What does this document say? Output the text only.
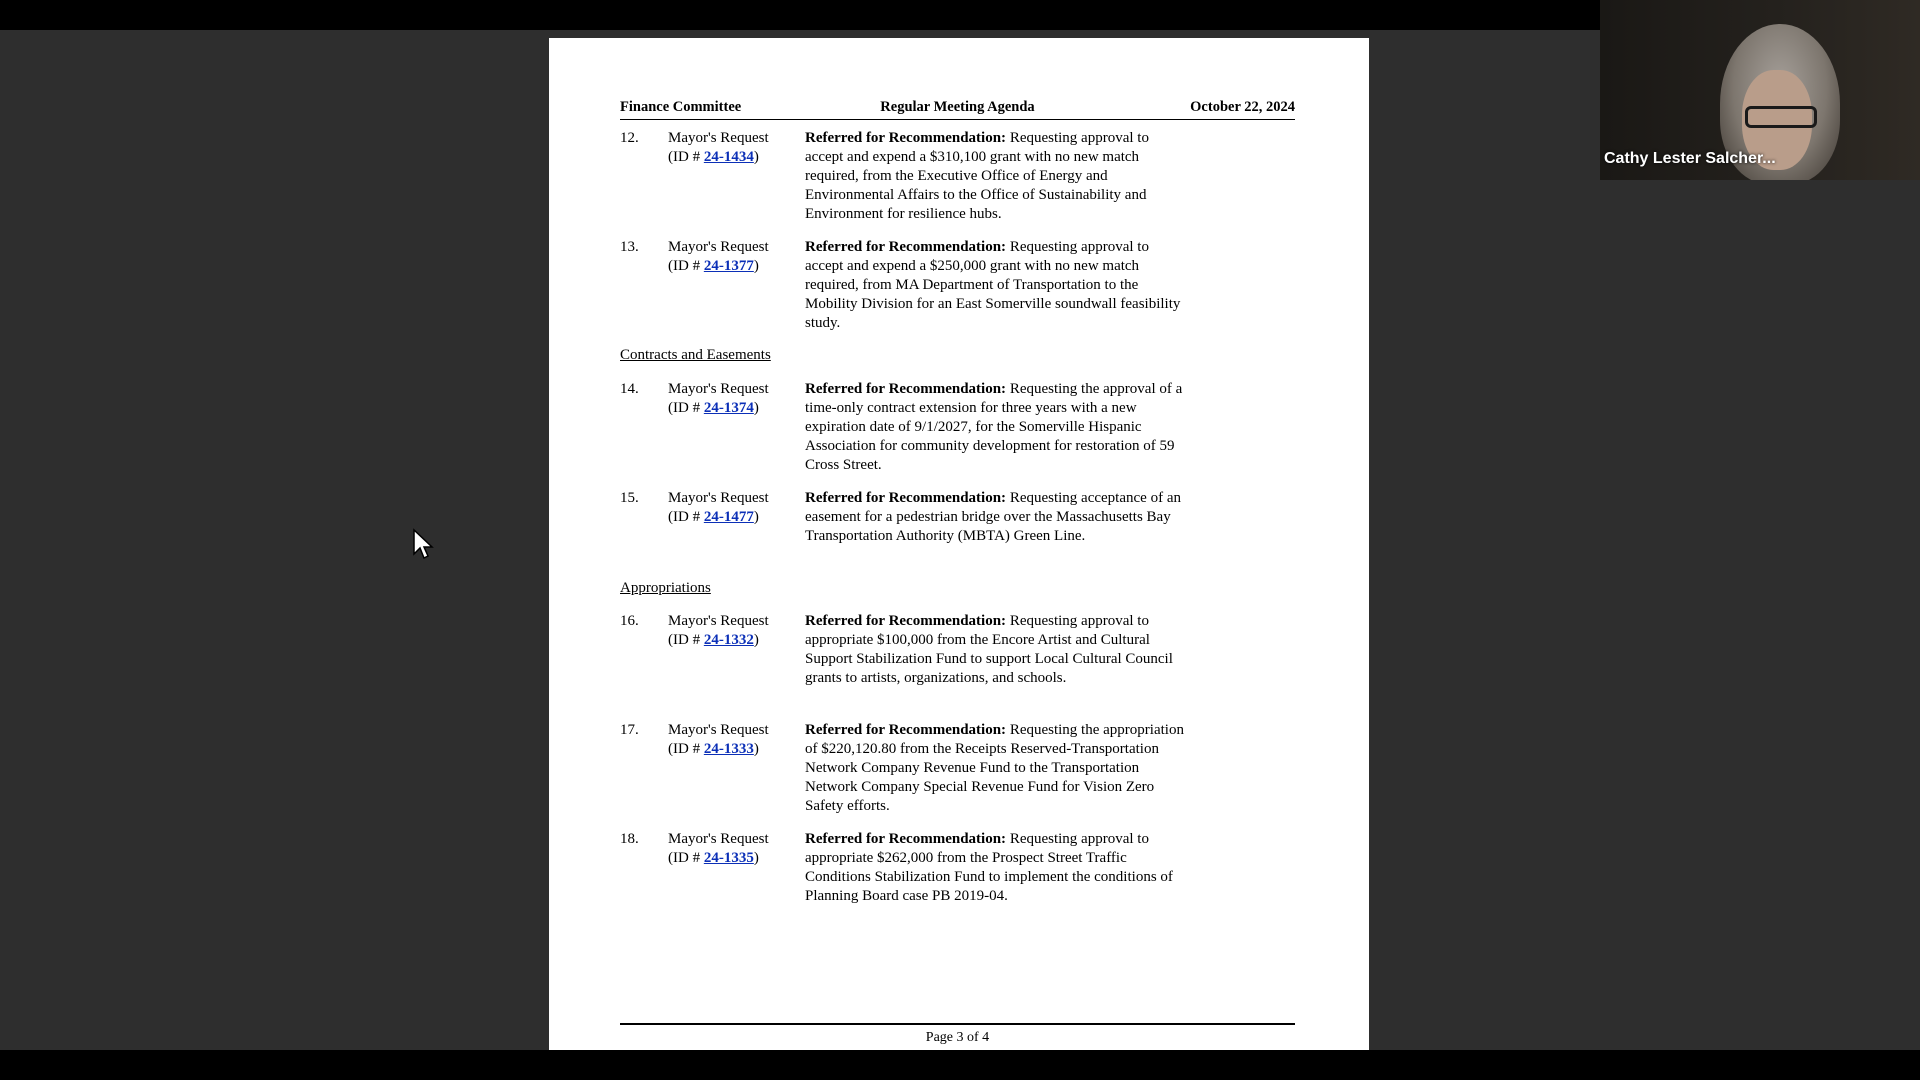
Finance Committee	Regular Meeting Agenda	October 22, 2024
12. Mayor's Request
(ID # 24-1434)
Referred for Recommendation: Requesting approval to accept and expend a $310,100 grant with no new match required, from the Executive Office of Energy and Environmental Affairs to the Office of Sustainability and Environment for resilience hubs.
13. Mayor's Request
(ID # 24-1377)
Referred for Recommendation: Requesting approval to accept and expend a $250,000 grant with no new match required, from MA Department of Transportation to the Mobility Division for an East Somerville soundwall feasibility study.
Contracts and Easements
14. Mayor's Request
(ID # 24-1374)
Referred for Recommendation: Requesting the approval of a time-only contract extension for three years with a new expiration date of 9/1/2027, for the Somerville Hispanic Association for community development for restoration of 59 Cross Street.
15. Mayor's Request
(ID # 24-1477)
Referred for Recommendation: Requesting acceptance of an easement for a pedestrian bridge over the Massachusetts Bay Transportation Authority (MBTA) Green Line.
Appropriations
16. Mayor's Request
(ID # 24-1332)
Referred for Recommendation: Requesting approval to appropriate $100,000 from the Encore Artist and Cultural Support Stabilization Fund to support Local Cultural Council grants to artists, organizations, and schools.
17. Mayor's Request
(ID # 24-1333)
Referred for Recommendation: Requesting the appropriation of $220,120.80 from the Receipts Reserved-Transportation Network Company Revenue Fund to the Transportation Network Company Special Revenue Fund for Vision Zero Safety efforts.
18. Mayor's Request
(ID # 24-1335)
Referred for Recommendation: Requesting approval to appropriate $262,000 from the Prospect Street Traffic Conditions Stabilization Fund to implement the conditions of Planning Board case PB 2019-04.
Page 3 of 4
Cathy Lester Salcher...
